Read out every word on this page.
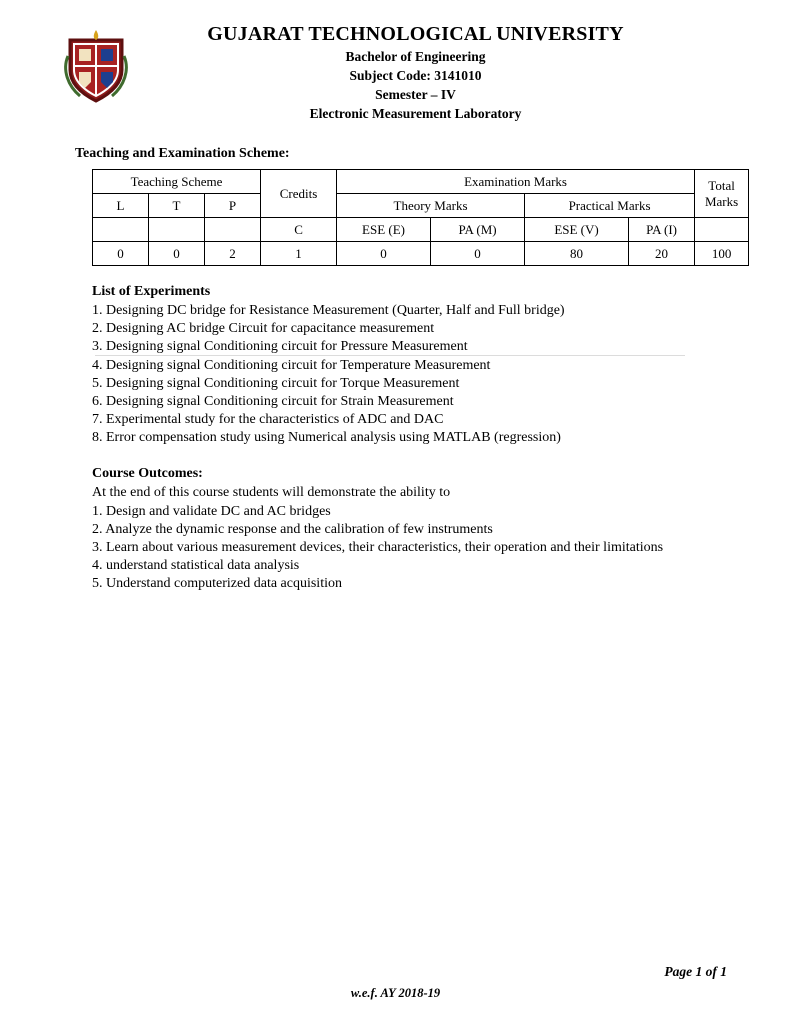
GUJARAT TECHNOLOGICAL UNIVERSITY
Bachelor of Engineering
Subject Code: 3141010
Semester – IV
Electronic Measurement Laboratory
Teaching and Examination Scheme:
Teaching Scheme			Credits	Examination Marks				Total
Marks
L	T	P		Theory Marks		Practical Marks		
			C	ESE (E)	PA (M)	ESE (V)	PA (I)	
0	0	2	1	0	0	80	20	100
List of Experiments
1. Designing DC bridge for Resistance Measurement (Quarter, Half and Full bridge)
2. Designing AC bridge Circuit for capacitance measurement
3. Designing signal Conditioning circuit for Pressure Measurement
4. Designing signal Conditioning circuit for Temperature Measurement
5. Designing signal Conditioning circuit for Torque Measurement
6. Designing signal Conditioning circuit for Strain Measurement
7. Experimental study for the characteristics of ADC and DAC
8. Error compensation study using Numerical analysis using MATLAB (regression)
Course Outcomes:
At the end of this course students will demonstrate the ability to
1. Design and validate DC and AC bridges
2. Analyze the dynamic response and the calibration of few instruments
3. Learn about various measurement devices, their characteristics, their operation and their limitations
4. understand statistical data analysis
5. Understand computerized data acquisition
Page 1 of 1
w.e.f. AY 2018-19
